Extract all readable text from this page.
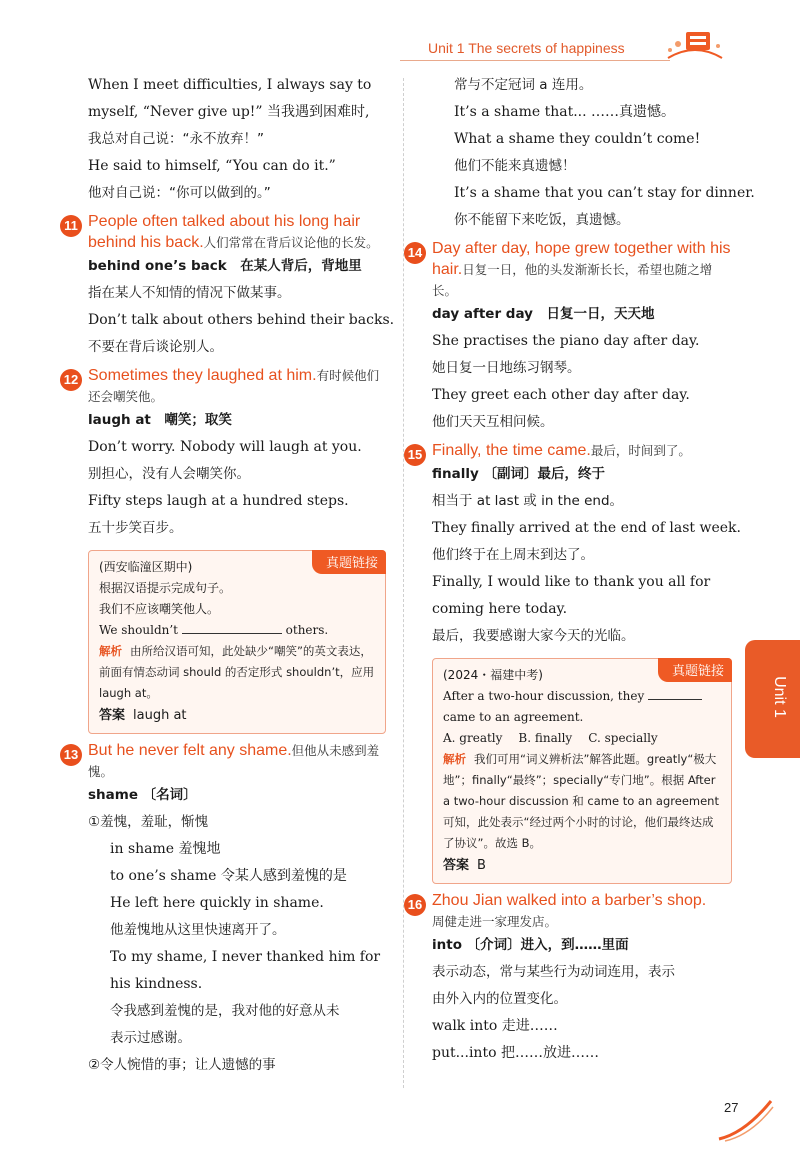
Unit 1 The secrets of happiness
When I meet difficulties, I always say to
myself, “Never give up!” 当我遇到困难时,
我总对自己说：“永不放弃！”
He said to himself, “You can do it.”
他对自己说：“你可以做到的。”
11 People often talked about his long hair behind his back.人们常常在背后议论他的长发。
behind one’s back　在某人背后，背地里
指在某人不知情的情况下做某事。
Don’t talk about others behind their backs.
不要在背后谈论别人。
12 Sometimes they laughed at him.有时候他们还会嘲笑他。
laugh at　嘲笑；取笑
Don’t worry. Nobody will laugh at you.
别担心，没有人会嘲笑你。
Fifty steps laugh at a hundred steps.
五十步笑百步。
真题链接
(西安临潼区期中)
根据汉语提示完成句子。
我们不应该嘲笑他人。
We shouldn’t	others.
解析 由所给汉语可知，此处缺少“嘲笑”的英文表达，前面有情态动词 should 的否定形式 shouldn’t，应用 laugh at。
答案 laugh at
13 But he never felt any shame.但他从未感到羞愧。
shame 〔名词〕
①羞愧，羞耻，惭愧
in shame 羞愧地
to one’s shame 令某人感到羞愧的是
He left here quickly in shame.
他羞愧地从这里快速离开了。
To my shame, I never thanked him for
his kindness.
令我感到羞愧的是，我对他的好意从未
表示过感谢。
②令人惋惜的事；让人遗憾的事
常与不定冠词 a 连用。
It’s a shame that... ……真遗憾。
What a shame they couldn’t come!
他们不能来真遗憾！
It’s a shame that you can’t stay for dinner.
你不能留下来吃饭，真遗憾。
14 Day after day, hope grew together with his hair.日复一日，他的头发渐渐长长，希望也随之增长。
day after day　日复一日，天天地
She practises the piano day after day.
她日复一日地练习钢琴。
They greet each other day after day.
他们天天互相问候。
15 Finally, the time came.最后，时间到了。
finally 〔副词〕最后，终于
相当于 at last 或 in the end。
They finally arrived at the end of last week.
他们终于在上周末到达了。
Finally, I would like to thank you all for
coming here today.
最后，我要感谢大家今天的光临。
真题链接
(2024・福建中考)
After a two-hour discussion, they
came to an agreement.
A. greatly B. finally C. specially
解析 我们可用“词义辨析法”解答此题。greatly“极大地”；finally“最终”；specially“专门地”。根据 After a two-hour discussion 和 came to an agreement 可知，此处表示“经过两个小时的讨论，他们最终达成了协议”。故选 B。
答案 B
16 Zhou Jian walked into a barber’s shop.
周健走进一家理发店。
into 〔介词〕进入，到……里面
表示动态，常与某些行为动词连用，表示
由外入内的位置变化。
walk into 走进……
put...into 把……放进……
Unit 1
27
